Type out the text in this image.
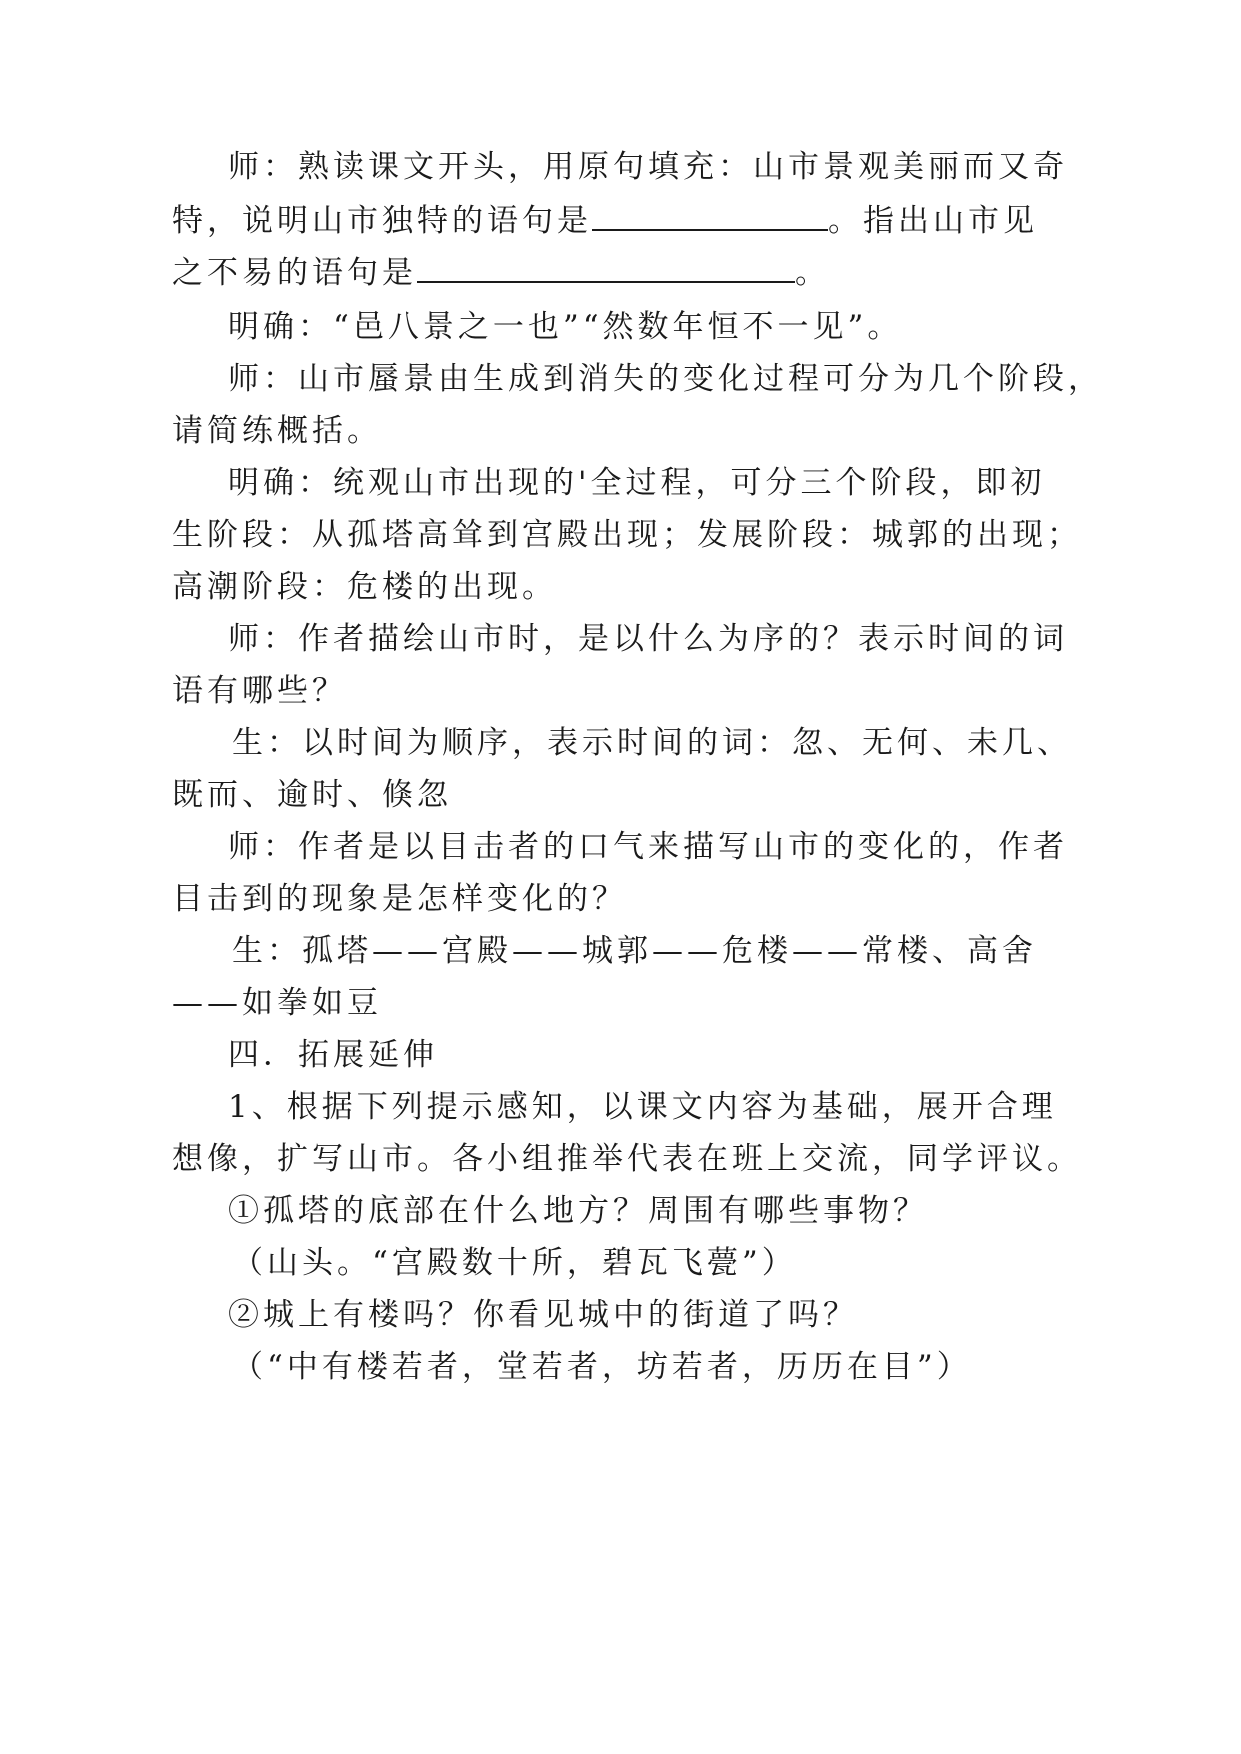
师：熟读课文开头，用原句填充：山市景观美丽而又奇
特，说明山市独特的语句是	。指出山市见
之不易的语句是	。
明确：“邑八景之一也”“然数年恒不一见”。
师：山市蜃景由生成到消失的变化过程可分为几个阶段，
请简练概括。
明确：统观山市出现的'全过程，可分三个阶段，即初
生阶段：从孤塔高耸到宫殿出现；发展阶段：城郭的出现；
高潮阶段：危楼的出现。
师：作者描绘山市时，是以什么为序的？表示时间的词
语有哪些？
生：以时间为顺序，表示时间的词：忽、无何、未几、
既而、逾时、倏忽
师：作者是以目击者的口气来描写山市的变化的，作者
目击到的现象是怎样变化的？
生：孤塔——宫殿——城郭——危楼——常楼、高舍
——如拳如豆
四．拓展延伸
1、根据下列提示感知，以课文内容为基础，展开合理
想像，扩写山市。各小组推举代表在班上交流，同学评议。
①孤塔的底部在什么地方？周围有哪些事物？
（山头。“宫殿数十所，碧瓦飞甍”）
②城上有楼吗？你看见城中的街道了吗？
（“中有楼若者，堂若者，坊若者，历历在目”）
